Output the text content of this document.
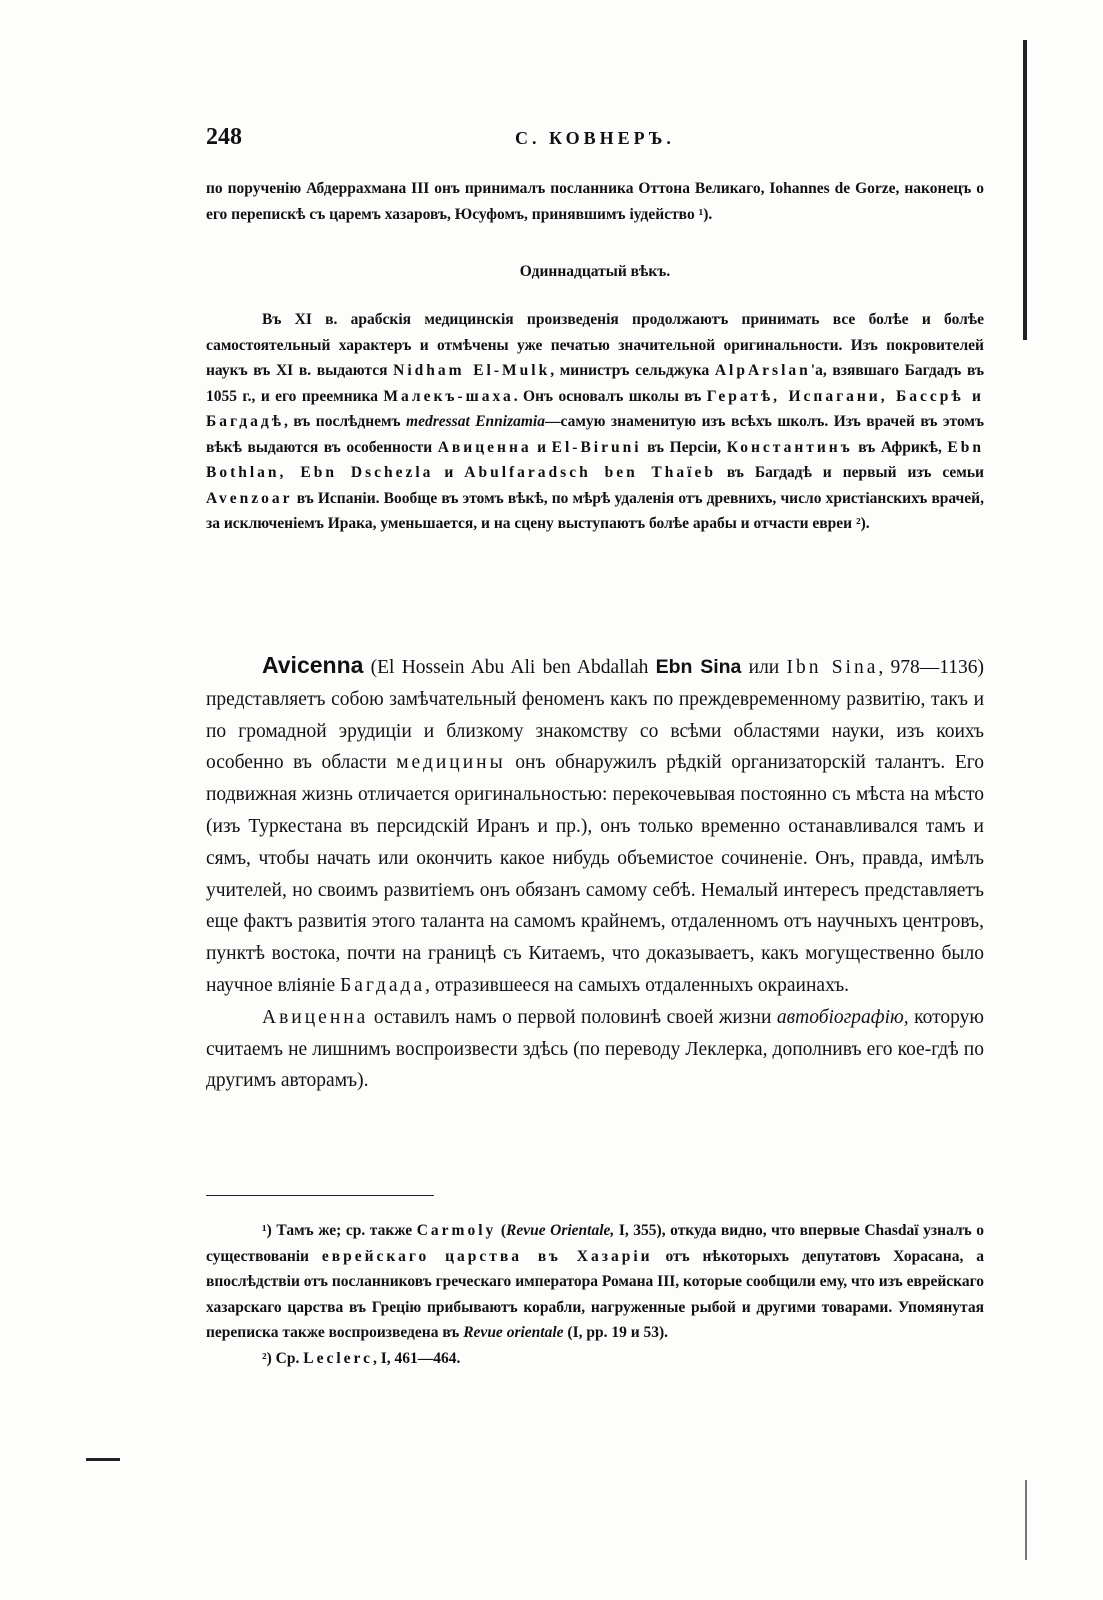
248	С. КОВНЕРЪ.

по порученію Абдеррахмана III онъ принималъ посланника Оттона Великаго, Iohannes de Gorze, наконецъ о его перепискѣ съ царемъ хазаровъ, Юсуфомъ, принявшимъ іудейство ¹).

Одиннадцатый вѣкъ.

Въ XI в. арабскія медицинскія произведенія продолжаютъ принимать все болѣе и болѣе самостоятельный характеръ и отмѣчены уже печатью значительной оригинальности. Изъ покровителей наукъ въ XI в. выдаются Nidham El-Mulk, министръ сельджука AlpArslan'а, взявшаго Багдадъ въ 1055 г., и его преемника Малекъ-шаха. Онъ основалъ школы въ Гератѣ, Испагани, Бассрѣ и Багдадѣ, въ послѣднемъ medressat Ennizamia—самую знаменитую изъ всѣхъ школъ. Изъ врачей въ этомъ вѣкѣ выдаются въ особенности Авиценна и El-Biruni въ Персіи, Константинъ въ Африкѣ, Ebn Bothlan, Ebn Dschezla и Abulfaradsch ben Thaïeb въ Багдадѣ и первый изъ семьи Avenzoar въ Испаніи. Вообще въ этомъ вѣкѣ, по мѣрѣ удаленія отъ древнихъ, число христіанскихъ врачей, за исключеніемъ Ирака, уменьшается, и на сцену выступаютъ болѣе арабы и отчасти евреи ²).

Avicenna (El Hossein Abu Ali ben Abdallah Ebn Sina или Ibn Sina, 978—1136) представляетъ собою замѣчательный феноменъ какъ по преждевременному развитію, такъ и по громадной эрудиціи и близкому знакомству со всѣми областями науки, изъ коихъ особенно въ области медицины онъ обнаружилъ рѣдкій организаторскій талантъ. Его подвижная жизнь отличается оригинальностью: перекочевывая постоянно съ мѣста на мѣсто (изъ Туркестана въ персидскій Иранъ и пр.), онъ только временно останавливался тамъ и сямъ, чтобы начать или окончить какое нибудь объемистое сочиненіе. Онъ, правда, имѣлъ учителей, но своимъ развитіемъ онъ обязанъ самому себѣ. Немалый интересъ представляетъ еще фактъ развитія этого таланта на самомъ крайнемъ, отдаленномъ отъ научныхъ центровъ, пунктѣ востока, почти на границѣ съ Китаемъ, что доказываетъ, какъ могущественно было научное вліяніе Багдада, отразившееся на самыхъ отдаленныхъ окраинахъ.

Авиценна оставилъ намъ о первой половинѣ своей жизни автобіографію, которую считаемъ не лишнимъ воспроизвести здѣсь (по переводу Леклерка, дополнивъ его кое-гдѣ по другимъ авторамъ).

¹) Тамъ же; ср. также Carmoly (Revue Orientale, I, 355), откуда видно, что впервые Chasdaï узналъ о существованіи еврейскаго царства въ Хазаріи отъ нѣкоторыхъ депутатовъ Хорасана, а впослѣдствіи отъ посланниковъ греческаго императора Романа III, которые сообщили ему, что изъ еврейскаго хазарскаго царства въ Грецію прибываютъ корабли, нагруженные рыбой и другими товарами. Упомянутая переписка также воспроизведена въ Revue orientale (I, pp. 19 и 53).

²) Ср. Leclerc, I, 461—464.
